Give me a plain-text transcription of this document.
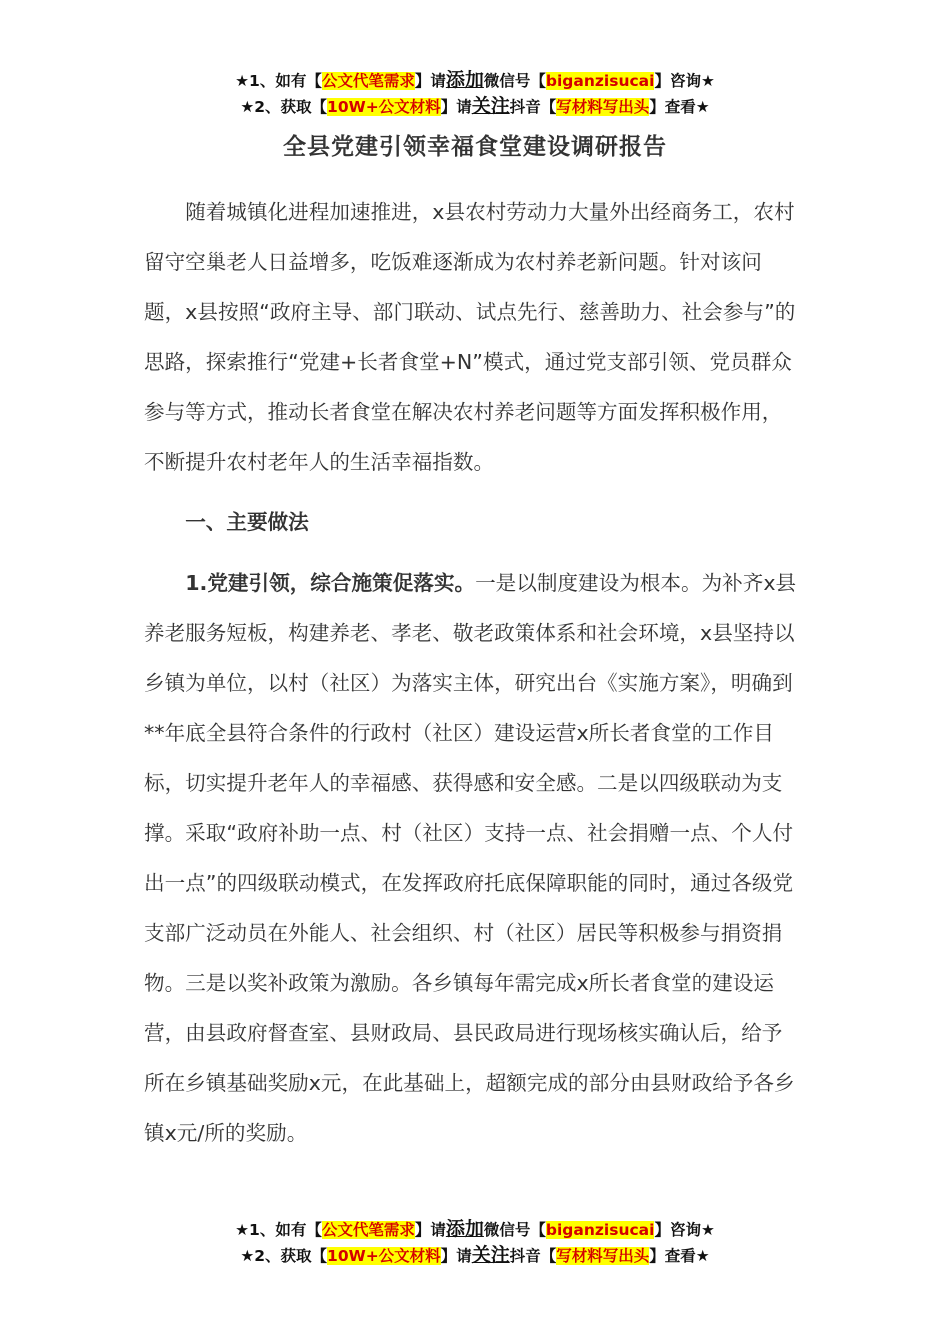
★1、如有【公文代笔需求】请添加微信号【biganzisucai】咨询★
★2、获取【10W+公文材料】请关注抖音【写材料写出头】查看★
全县党建引领幸福食堂建设调研报告

随着城镇化进程加速推进，x县农村劳动力大量外出经商务工，农村留守空巢老人日益增多，吃饭难逐渐成为农村养老新问题。针对该问题，x县按照“政府主导、部门联动、试点先行、慈善助力、社会参与”的思路，探索推行“党建+长者食堂+N”模式，通过党支部引领、党员群众参与等方式，推动长者食堂在解决农村养老问题等方面发挥积极作用，不断提升农村老年人的生活幸福指数。

一、主要做法

1.党建引领，综合施策促落实。一是以制度建设为根本。为补齐x县养老服务短板，构建养老、孝老、敬老政策体系和社会环境，x县坚持以乡镇为单位，以村（社区）为落实主体，研究出台《实施方案》，明确到**年底全县符合条件的行政村（社区）建设运营x所长者食堂的工作目标，切实提升老年人的幸福感、获得感和安全感。二是以四级联动为支撑。采取“政府补助一点、村（社区）支持一点、社会捐赠一点、个人付出一点”的四级联动模式，在发挥政府托底保障职能的同时，通过各级党支部广泛动员在外能人、社会组织、村（社区）居民等积极参与捐资捐物。三是以奖补政策为激励。各乡镇每年需完成x所长者食堂的建设运营，由县政府督查室、县财政局、县民政局进行现场核实确认后，给予所在乡镇基础奖励x元，在此基础上，超额完成的部分由县财政给予各乡镇x元/所的奖励。

★1、如有【公文代笔需求】请添加微信号【biganzisucai】咨询★
★2、获取【10W+公文材料】请关注抖音【写材料写出头】查看★
